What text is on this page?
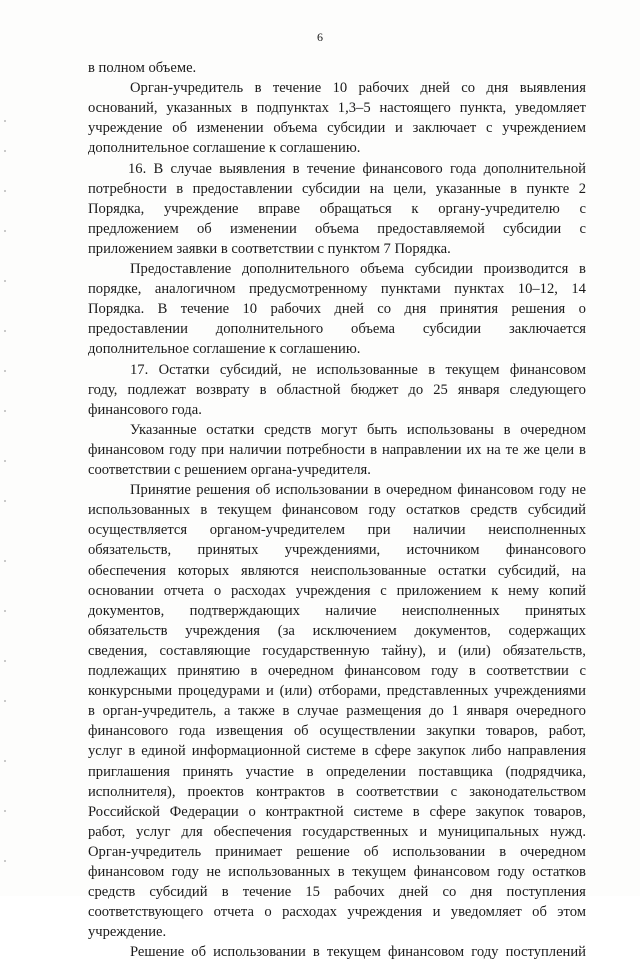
6
в полном объеме.
Орган-учредитель в течение 10 рабочих дней со дня выявления
оснований, указанных в подпунктах 1,3–5 настоящего пункта, уведомляет
учреждение об изменении объема субсидии и заключает с учреждением
дополнительное соглашение к соглашению.
16. В случае выявления в течение финансового года дополнительной
потребности в предоставлении субсидии на цели, указанные в пункте 2
Порядка, учреждение вправе обращаться к органу-учредителю с
предложением об изменении объема предоставляемой субсидии с
приложением заявки в соответствии с пунктом 7 Порядка.
Предоставление дополнительного объема субсидии производится в
порядке, аналогичном предусмотренному пунктами пунктах 10–12, 14
Порядка. В течение 10 рабочих дней со дня принятия решения о
предоставлении дополнительного объема субсидии заключается
дополнительное соглашение к соглашению.
17. Остатки субсидий, не использованные в текущем финансовом
году, подлежат возврату в областной бюджет до 25 января следующего
финансового года.
Указанные остатки средств могут быть использованы в очередном
финансовом году при наличии потребности в направлении их на те же цели в
соответствии с решением органа-учредителя.
Принятие решения об использовании в очередном финансовом году не
использованных в текущем финансовом году остатков средств субсидий
осуществляется органом-учредителем при наличии неисполненных
обязательств, принятых учреждениями, источником финансового
обеспечения которых являются неиспользованные остатки субсидий, на
основании отчета о расходах учреждения с приложением к нему копий
документов, подтверждающих наличие неисполненных принятых
обязательств учреждения (за исключением документов, содержащих
сведения, составляющие государственную тайну), и (или) обязательств,
подлежащих принятию в очередном финансовом году в соответствии с
конкурсными процедурами и (или) отборами, представленных учреждениями
в орган-учредитель, а также в случае размещения до 1 января очередного
финансового года извещения об осуществлении закупки товаров, работ,
услуг в единой информационной системе в сфере закупок либо направления
приглашения принять участие в определении поставщика (подрядчика,
исполнителя), проектов контрактов в соответствии с законодательством
Российской Федерации о контрактной системе в сфере закупок товаров,
работ, услуг для обеспечения государственных и муниципальных нужд.
Орган-учредитель принимает решение об использовании в очередном
финансовом году не использованных в текущем финансовом году остатков
средств субсидий в течение 15 рабочих дней со дня поступления
соответствующего отчета о расходах учреждения и уведомляет об этом
учреждение.
Решение об использовании в текущем финансовом году поступлений
